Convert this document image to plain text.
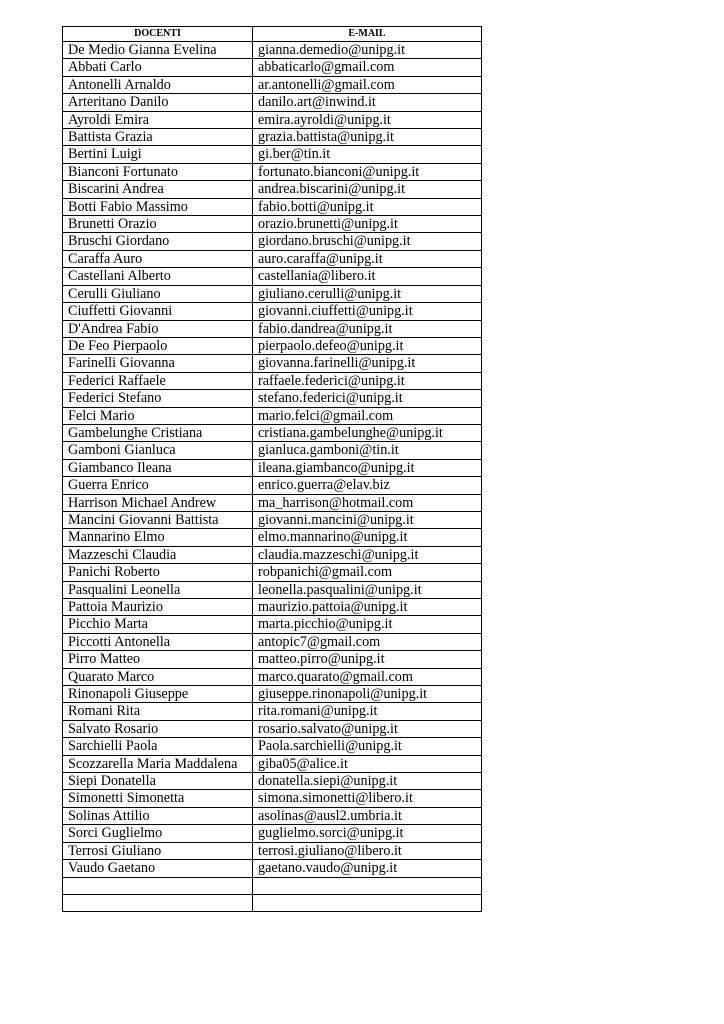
DOCENTI	E-MAIL
De Medio Gianna Evelina	gianna.demedio@unipg.it
Abbati Carlo	abbaticarlo@gmail.com
Antonelli Arnaldo	ar.antonelli@gmail.com
Arteritano Danilo	danilo.art@inwind.it
Ayroldi Emira	emira.ayroldi@unipg.it
Battista Grazia	grazia.battista@unipg.it
Bertini Luigi	gi.ber@tin.it
Bianconi Fortunato	fortunato.bianconi@unipg.it
Biscarini Andrea	andrea.biscarini@unipg.it
Botti Fabio Massimo	fabio.botti@unipg.it
Brunetti Orazio	orazio.brunetti@unipg.it
Bruschi Giordano	giordano.bruschi@unipg.it
Caraffa Auro	auro.caraffa@unipg.it
Castellani Alberto	castellania@libero.it
Cerulli Giuliano	giuliano.cerulli@unipg.it
Ciuffetti Giovanni	giovanni.ciuffetti@unipg.it
D'Andrea Fabio	fabio.dandrea@unipg.it
De Feo Pierpaolo	pierpaolo.defeo@unipg.it
Farinelli Giovanna	giovanna.farinelli@unipg.it
Federici Raffaele	raffaele.federici@unipg.it
Federici Stefano	stefano.federici@unipg.it
Felci Mario	mario.felci@gmail.com
Gambelunghe Cristiana	cristiana.gambelunghe@unipg.it
Gamboni Gianluca	gianluca.gamboni@tin.it
Giambanco Ileana	ileana.giambanco@unipg.it
Guerra Enrico	enrico.guerra@elav.biz
Harrison Michael Andrew	ma_harrison@hotmail.com
Mancini Giovanni Battista	giovanni.mancini@unipg.it
Mannarino Elmo	elmo.mannarino@unipg.it
Mazzeschi Claudia	claudia.mazzeschi@unipg.it
Panichi Roberto	robpanichi@gmail.com
Pasqualini Leonella	leonella.pasqualini@unipg.it
Pattoia Maurizio	maurizio.pattoia@unipg.it
Picchio Marta	marta.picchio@unipg.it
Piccotti Antonella	antopic7@gmail.com
Pirro Matteo	matteo.pirro@unipg.it
Quarato Marco	marco.quarato@gmail.com
Rinonapoli Giuseppe	giuseppe.rinonapoli@unipg.it
Romani Rita	rita.romani@unipg.it
Salvato Rosario	rosario.salvato@unipg.it
Sarchielli Paola	Paola.sarchielli@unipg.it
Scozzarella Maria Maddalena	giba05@alice.it
Siepi Donatella	donatella.siepi@unipg.it
Simonetti Simonetta	simona.simonetti@libero.it
Solinas Attilio	asolinas@ausl2.umbria.it
Sorci Guglielmo	guglielmo.sorci@unipg.it
Terrosi Giuliano	terrosi.giuliano@libero.it
Vaudo Gaetano	gaetano.vaudo@unipg.it
